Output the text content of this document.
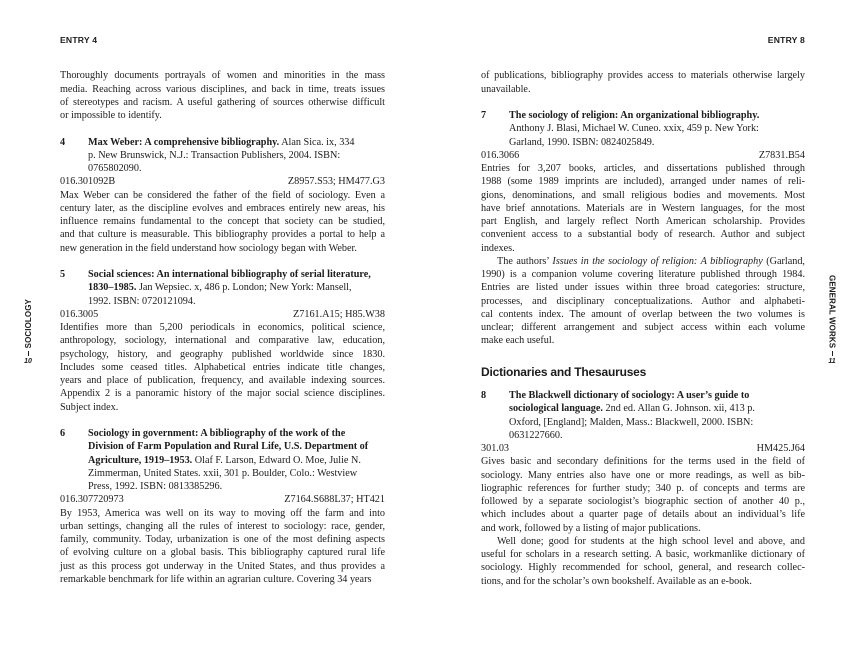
ENTRY 4	ENTRY 8
SOCIOLOGY
10
GENERAL WORKS
11
Thoroughly documents portrayals of women and minorities in the mass
media. Reaching across various disciplines, and back in time, treats issues
of stereotypes and racism. A useful gathering of sources otherwise difficult
or impossible to identify.
4	Max Weber: A comprehensive bibliography. Alan Sica. ix, 334
p. New Brunswick, N.J.: Transaction Publishers, 2004. ISBN:
0765802090.
016.301092B	Z8957.S53; HM477.G3
Max Weber can be considered the father of the field of sociology. Even a
century later, as the discipline evolves and embraces entirely new areas, his
influence remains fundamental to the concept that society can be studied,
and that culture is measurable. This bibliography provides a portal to help a
new generation in the field understand how sociology began with Weber.
5	Social sciences: An international bibliography of serial literature,
1830–1985. Jan Wepsiec. x, 486 p. London; New York: Mansell,
1992. ISBN: 0720121094.
016.3005	Z7161.A15; H85.W38
Identifies more than 5,200 periodicals in economics, political science,
anthropology, sociology, international and comparative law, education,
psychology, history, and geography published worldwide since 1830.
Includes some ceased titles. Alphabetical entries indicate title changes,
years and place of publication, frequency, and available indexing sources.
Appendix 2 is a panoramic history of the major social science disciplines.
Subject index.
6	Sociology in government: A bibliography of the work of the
Division of Farm Population and Rural Life, U.S. Department of
Agriculture, 1919–1953. Olaf F. Larson, Edward O. Moe, Julie N.
Zimmerman, United States. xxii, 301 p. Boulder, Colo.: Westview
Press, 1992. ISBN: 0813385296.
016.307720973	Z7164.S688L37; HT421
By 1953, America was well on its way to moving off the farm and into
urban settings, changing all the rules of interest to sociology: race, gender,
family, community. Today, urbanization is one of the most defining aspects
of evolving culture on a global basis. This bibliography captured rural life
just as this process got underway in the United States, and thus provides a
remarkable benchmark for life within an agrarian culture. Covering 34 years
of publications, bibliography provides access to materials otherwise largely
unavailable.
7	The sociology of religion: An organizational bibliography.
Anthony J. Blasi, Michael W. Cuneo. xxix, 459 p. New York:
Garland, 1990. ISBN: 0824025849.
016.3066	Z7831.B54
Entries for 3,207 books, articles, and dissertations published through
1988 (some 1989 imprints are included), arranged under names of reli-
gions, denominations, and small religious bodies and movements. Most
have brief annotations. Materials are in Western languages, for the most
part English, and largely reflect North American scholarship. Provides
convenient access to a substantial body of research. Author and subject
indexes.
The authors’ Issues in the sociology of religion: A bibliography (Garland,
1990) is a companion volume covering literature published through 1984.
Entries are listed under issues within three broad categories: structure,
processes, and disciplinary conceptualizations. Author and alphabeti-
cal contents index. The amount of overlap between the two volumes is
unclear; different arrangement and subject access within each volume
make each useful.
Dictionaries and Thesauruses
8	The Blackwell dictionary of sociology: A user’s guide to
sociological language. 2nd ed. Allan G. Johnson. xii, 413 p.
Oxford, [England]; Malden, Mass.: Blackwell, 2000. ISBN:
0631227660.
301.03	HM425.J64
Gives basic and secondary definitions for the terms used in the field of
sociology. Many entries also have one or more readings, as well as bib-
liographic references for further study; 340 p. of concepts and terms are
followed by a separate sociologist’s biographic section of another 40 p.,
which includes about a quarter page of details about an individual’s life
and work, followed by a listing of major publications.
Well done; good for students at the high school level and above, and
useful for scholars in a research setting. A basic, workmanlike dictionary of
sociology. Highly recommended for school, general, and research collec-
tions, and for the scholar’s own bookshelf. Available as an e-book.
